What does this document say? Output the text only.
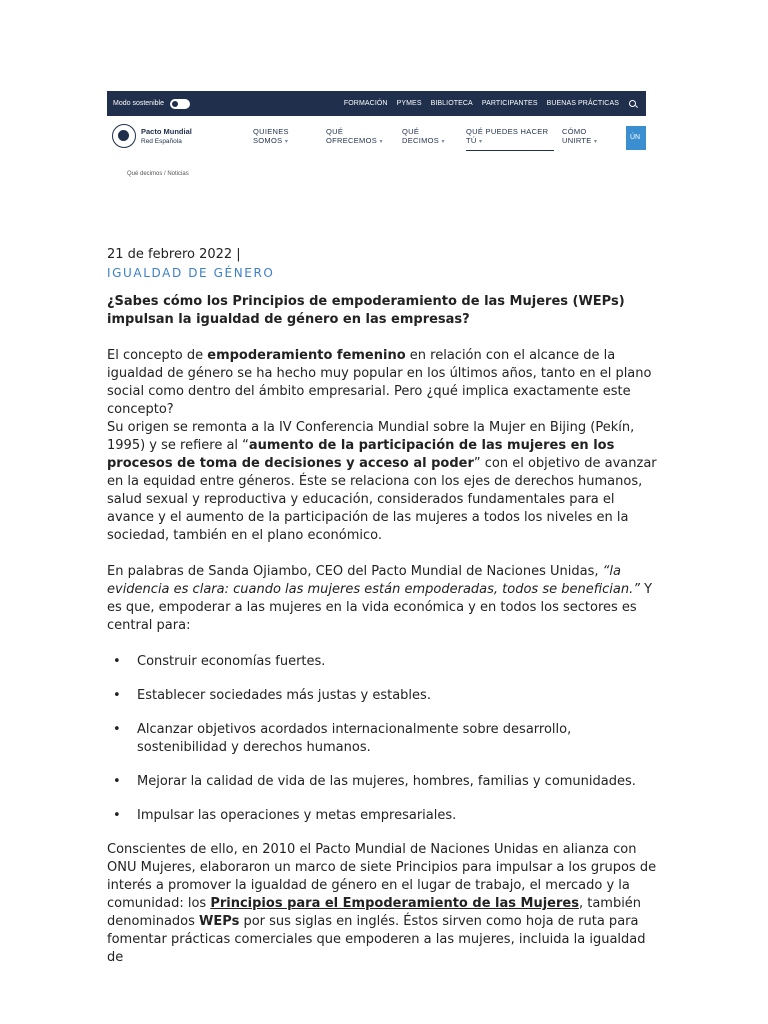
Modo sostenible	FORMACIÓN PYMES BIBLIOTECA PARTICIPANTES BUENAS PRÁCTICAS
Pacto Mundial
Red Española
QUIENES
SOMOS ▾
QUÉ
OFRECEMOS ▾
QUÉ
DECIMOS ▾
QUÉ PUEDES HACER
TÚ ▾
CÓMO
UNIRTE ▾
ÚN
Qué decimos / Noticias
21 de febrero 2022 |
IGUALDAD DE GÉNERO
¿Sabes cómo los Principios de empoderamiento de las Mujeres (WEPs) impulsan la igualdad de género en las empresas?

El concepto de empoderamiento femenino en relación con el alcance de la igualdad de género se ha hecho muy popular en los últimos años, tanto en el plano social como dentro del ámbito empresarial. Pero ¿qué implica exactamente este concepto?

Su origen se remonta a la IV Conferencia Mundial sobre la Mujer en Bijing (Pekín, 1995) y se refiere al “aumento de la participación de las mujeres en los procesos de toma de decisiones y acceso al poder” con el objetivo de avanzar en la equidad entre géneros. Éste se relaciona con los ejes de derechos humanos, salud sexual y reproductiva y educación, considerados fundamentales para el avance y el aumento de la participación de las mujeres a todos los niveles en la sociedad, también en el plano económico.

En palabras de Sanda Ojiambo, CEO del Pacto Mundial de Naciones Unidas, “la evidencia es clara: cuando las mujeres están empoderadas, todos se benefician.” Y es que, empoderar a las mujeres en la vida económica y en todos los sectores es central para:

• Construir economías fuertes.
• Establecer sociedades más justas y estables.
• Alcanzar objetivos acordados internacionalmente sobre desarrollo, sostenibilidad y derechos humanos.
• Mejorar la calidad de vida de las mujeres, hombres, familias y comunidades.
• Impulsar las operaciones y metas empresariales.

Conscientes de ello, en 2010 el Pacto Mundial de Naciones Unidas en alianza con ONU Mujeres, elaboraron un marco de siete Principios para impulsar a los grupos de interés a promover la igualdad de género en el lugar de trabajo, el mercado y la comunidad: los Principios para el Empoderamiento de las Mujeres, también denominados WEPs por sus siglas en inglés. Éstos sirven como hoja de ruta para fomentar prácticas comerciales que empoderen a las mujeres, incluida la igualdad de
